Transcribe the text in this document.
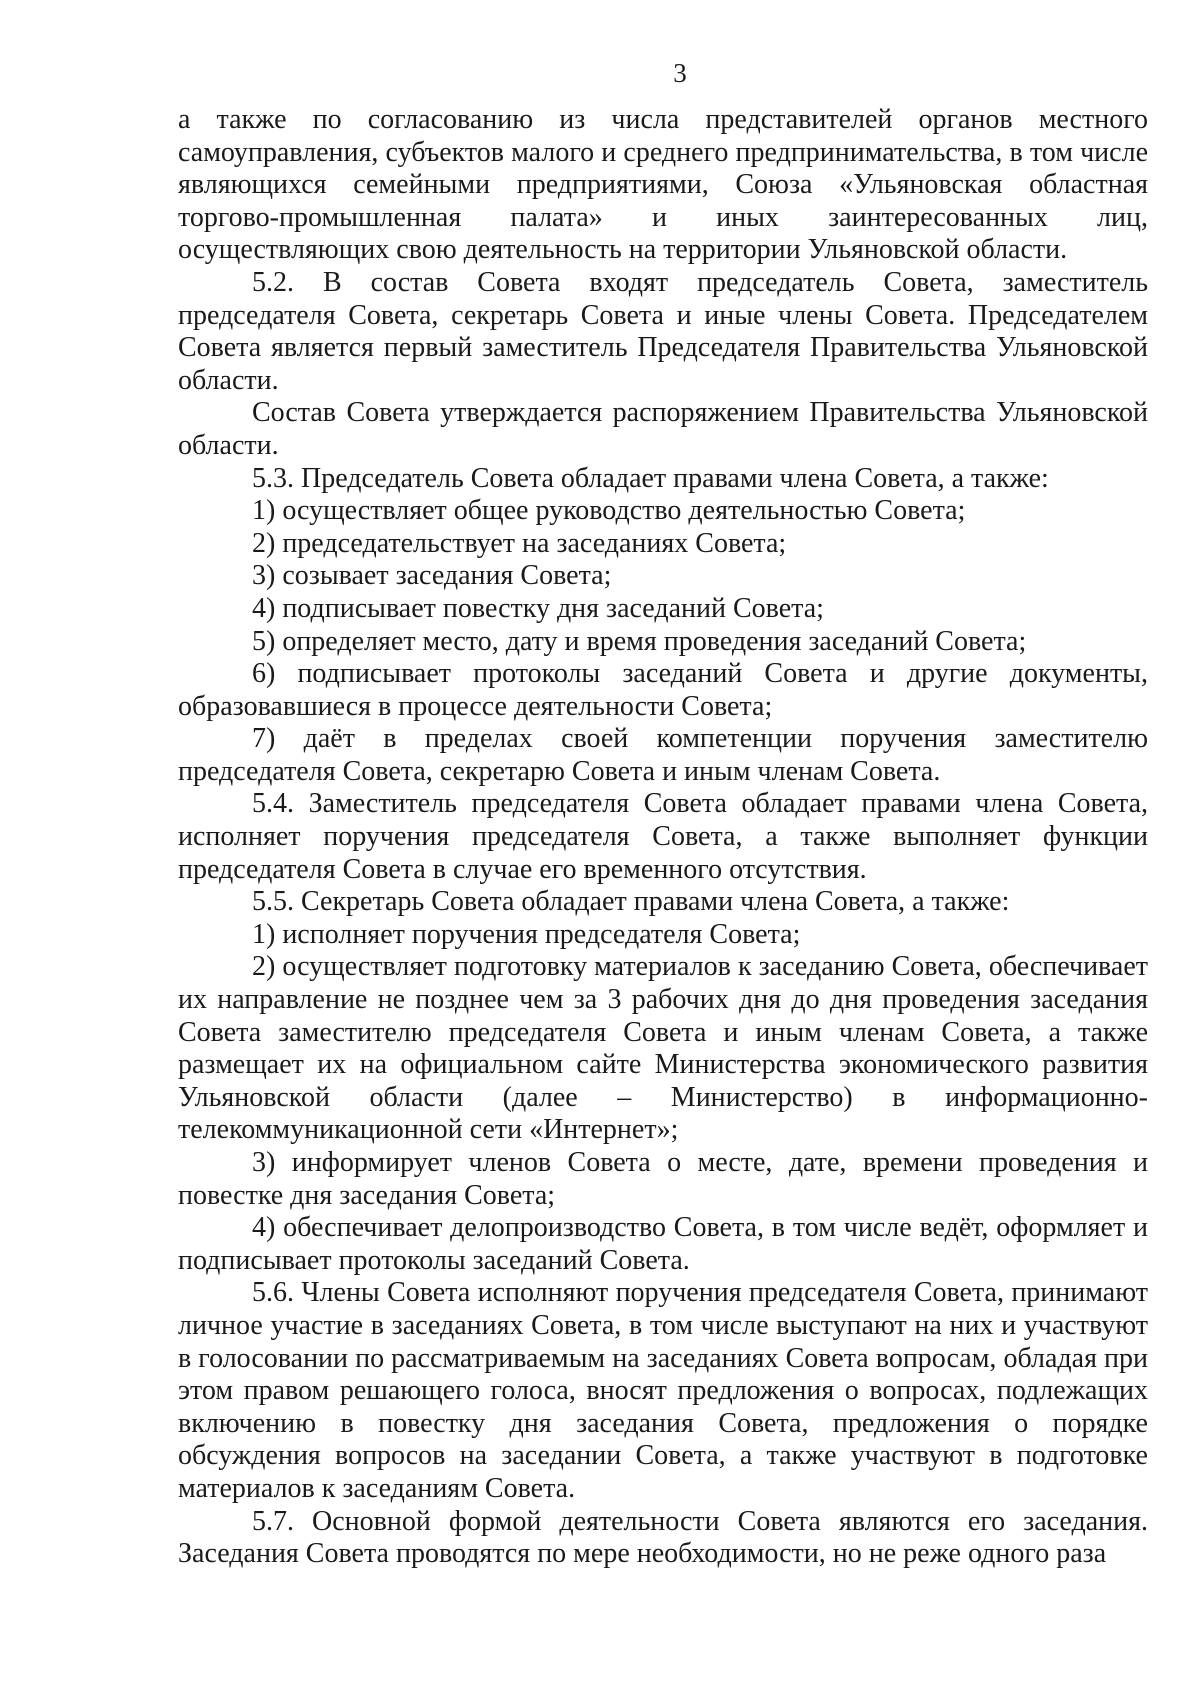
3

а также по согласованию из числа представителей органов местного самоуправления, субъектов малого и среднего предпринимательства, в том числе являющихся семейными предприятиями, Союза «Ульяновская областная торгово-промышленная палата» и иных заинтересованных лиц, осуществляющих свою деятельность на территории Ульяновской области.

5.2. В состав Совета входят председатель Совета, заместитель председателя Совета, секретарь Совета и иные члены Совета. Председателем Совета является первый заместитель Председателя Правительства Ульяновской области.

Состав Совета утверждается распоряжением Правительства Ульяновской области.

5.3. Председатель Совета обладает правами члена Совета, а также:

1) осуществляет общее руководство деятельностью Совета;

2) председательствует на заседаниях Совета;

3) созывает заседания Совета;

4) подписывает повестку дня заседаний Совета;

5) определяет место, дату и время проведения заседаний Совета;

6) подписывает протоколы заседаний Совета и другие документы, образовавшиеся в процессе деятельности Совета;

7) даёт в пределах своей компетенции поручения заместителю председателя Совета, секретарю Совета и иным членам Совета.

5.4. Заместитель председателя Совета обладает правами члена Совета, исполняет поручения председателя Совета, а также выполняет функции председателя Совета в случае его временного отсутствия.

5.5. Секретарь Совета обладает правами члена Совета, а также:

1) исполняет поручения председателя Совета;

2) осуществляет подготовку материалов к заседанию Совета, обеспечивает их направление не позднее чем за 3 рабочих дня до дня проведения заседания Совета заместителю председателя Совета и иным членам Совета, а также размещает их на официальном сайте Министерства экономического развития Ульяновской области (далее – Министерство) в информационно-телекоммуникационной сети «Интернет»;

3) информирует членов Совета о месте, дате, времени проведения и повестке дня заседания Совета;

4) обеспечивает делопроизводство Совета, в том числе ведёт, оформляет и подписывает протоколы заседаний Совета.

5.6. Члены Совета исполняют поручения председателя Совета, принимают личное участие в заседаниях Совета, в том числе выступают на них и участвуют в голосовании по рассматриваемым на заседаниях Совета вопросам, обладая при этом правом решающего голоса, вносят предложения о вопросах, подлежащих включению в повестку дня заседания Совета, предложения о порядке обсуждения вопросов на заседании Совета, а также участвуют в подготовке материалов к заседаниям Совета.

5.7. Основной формой деятельности Совета являются его заседания. Заседания Совета проводятся по мере необходимости, но не реже одного раза
